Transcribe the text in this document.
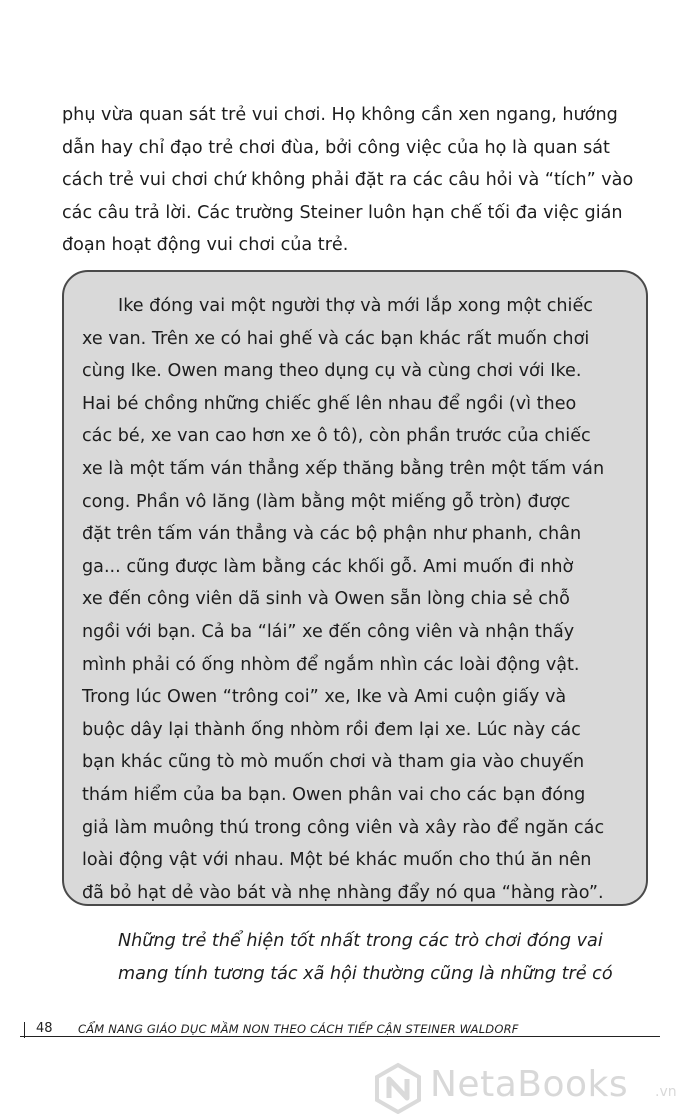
phụ vừa quan sát trẻ vui chơi. Họ không cần xen ngang, hướng
dẫn hay chỉ đạo trẻ chơi đùa, bởi công việc của họ là quan sát
cách trẻ vui chơi chứ không phải đặt ra các câu hỏi và “tích” vào
các câu trả lời. Các trường Steiner luôn hạn chế tối đa việc gián
đoạn hoạt động vui chơi của trẻ.
Ike đóng vai một người thợ và mới lắp xong một chiếc
xe van. Trên xe có hai ghế và các bạn khác rất muốn chơi
cùng Ike. Owen mang theo dụng cụ và cùng chơi với Ike.
Hai bé chồng những chiếc ghế lên nhau để ngồi (vì theo
các bé, xe van cao hơn xe ô tô), còn phần trước của chiếc
xe là một tấm ván thẳng xếp thăng bằng trên một tấm ván
cong. Phần vô lăng (làm bằng một miếng gỗ tròn) được
đặt trên tấm ván thẳng và các bộ phận như phanh, chân
ga... cũng được làm bằng các khối gỗ. Ami muốn đi nhờ
xe đến công viên dã sinh và Owen sẵn lòng chia sẻ chỗ
ngồi với bạn. Cả ba “lái” xe đến công viên và nhận thấy
mình phải có ống nhòm để ngắm nhìn các loài động vật.
Trong lúc Owen “trông coi” xe, Ike và Ami cuộn giấy và
buộc dây lại thành ống nhòm rồi đem lại xe. Lúc này các
bạn khác cũng tò mò muốn chơi và tham gia vào chuyến
thám hiểm của ba bạn. Owen phân vai cho các bạn đóng
giả làm muông thú trong công viên và xây rào để ngăn các
loài động vật với nhau. Một bé khác muốn cho thú ăn nên
đã bỏ hạt dẻ vào bát và nhẹ nhàng đẩy nó qua “hàng rào”.
Những trẻ thể hiện tốt nhất trong các trò chơi đóng vai
mang tính tương tác xã hội thường cũng là những trẻ có
48 CẨM NANG GIÁO DỤC MẦM NON THEO CÁCH TIẾP CẬN STEINER WALDORF
NetaBooks .vn
